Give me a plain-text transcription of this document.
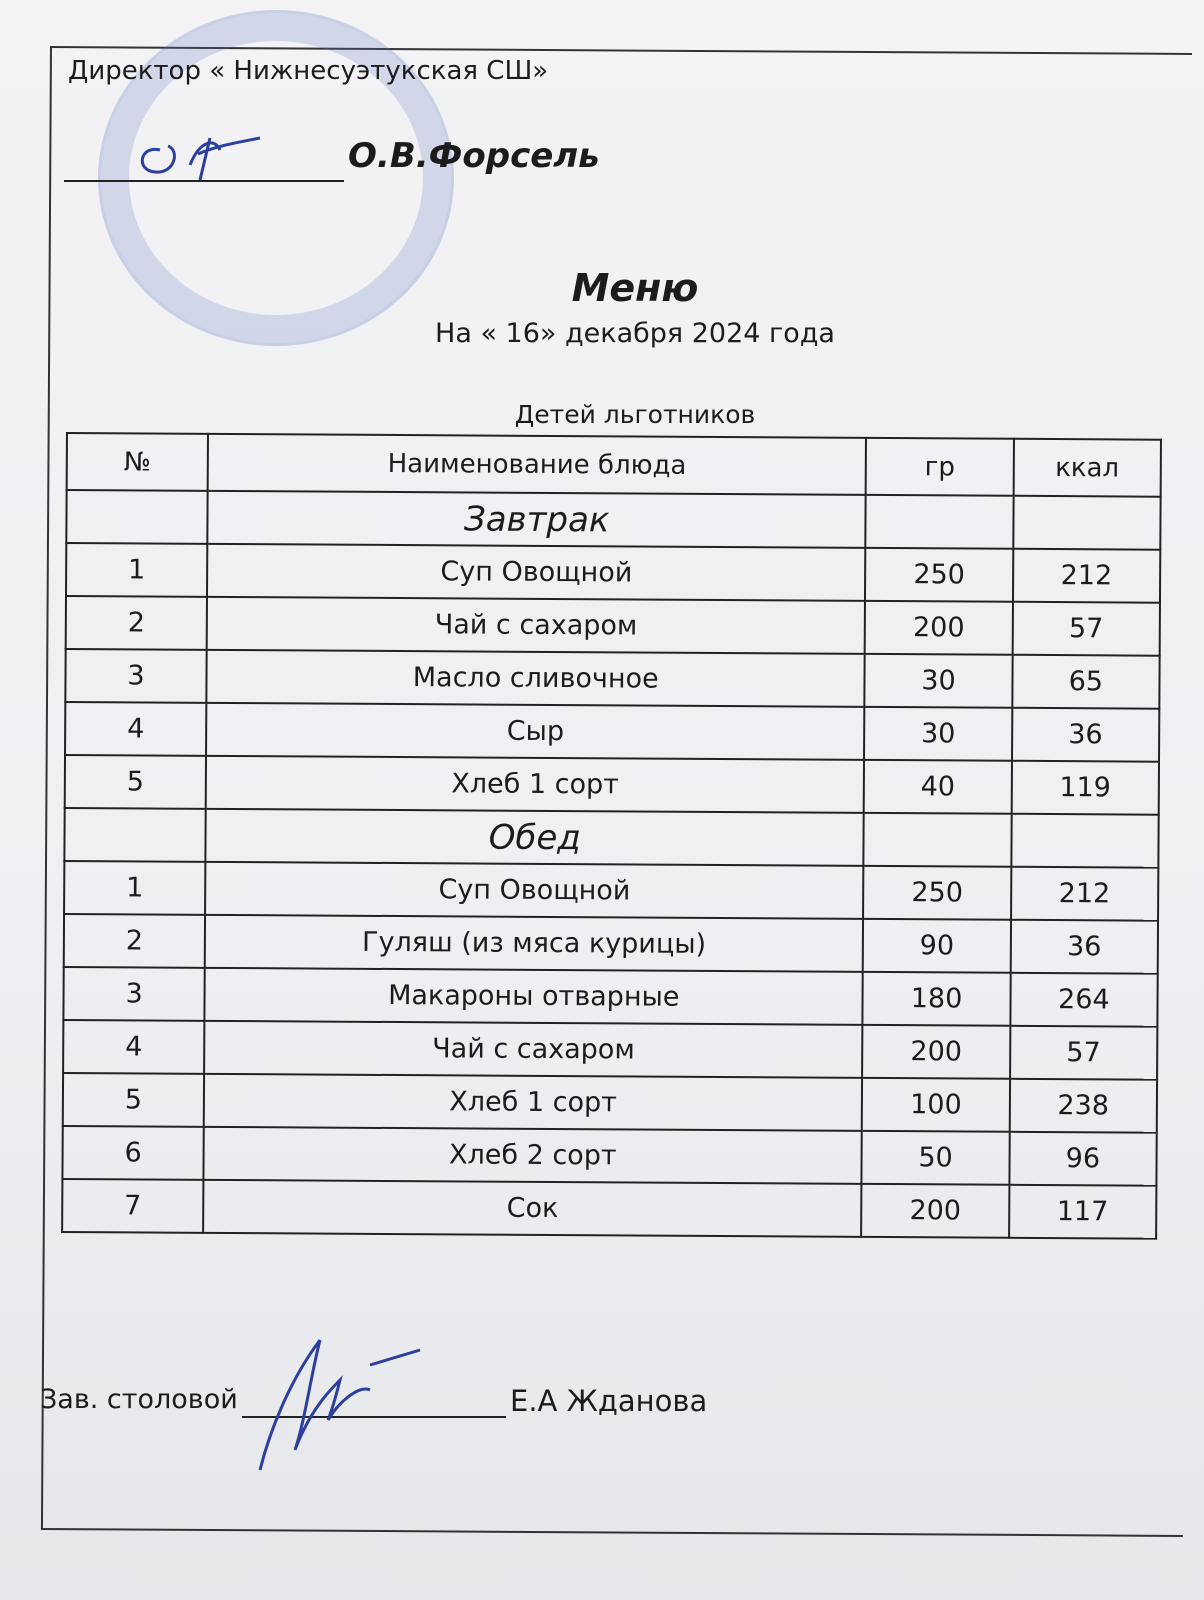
Директор « Нижнесуэтукская СШ»
О.В.Форсель
Меню
На « 16» декабря 2024 года
Детей льготников
№	Наименование блюда	гр	ккал
	Завтрак		
1	Суп Овощной	250	212
2	Чай с сахаром	200	57
3	Масло сливочное	30	65
4	Сыр	30	36
5	Хлеб 1 сорт	40	119
	Обед		
1	Суп Овощной	250	212
2	Гуляш (из мяса курицы)	90	36
3	Макароны отварные	180	264
4	Чай с сахаром	200	57
5	Хлеб 1 сорт	100	238
6	Хлеб 2 сорт	50	96
7	Сок	200	117
Зав. столовой	Е.А Жданова
